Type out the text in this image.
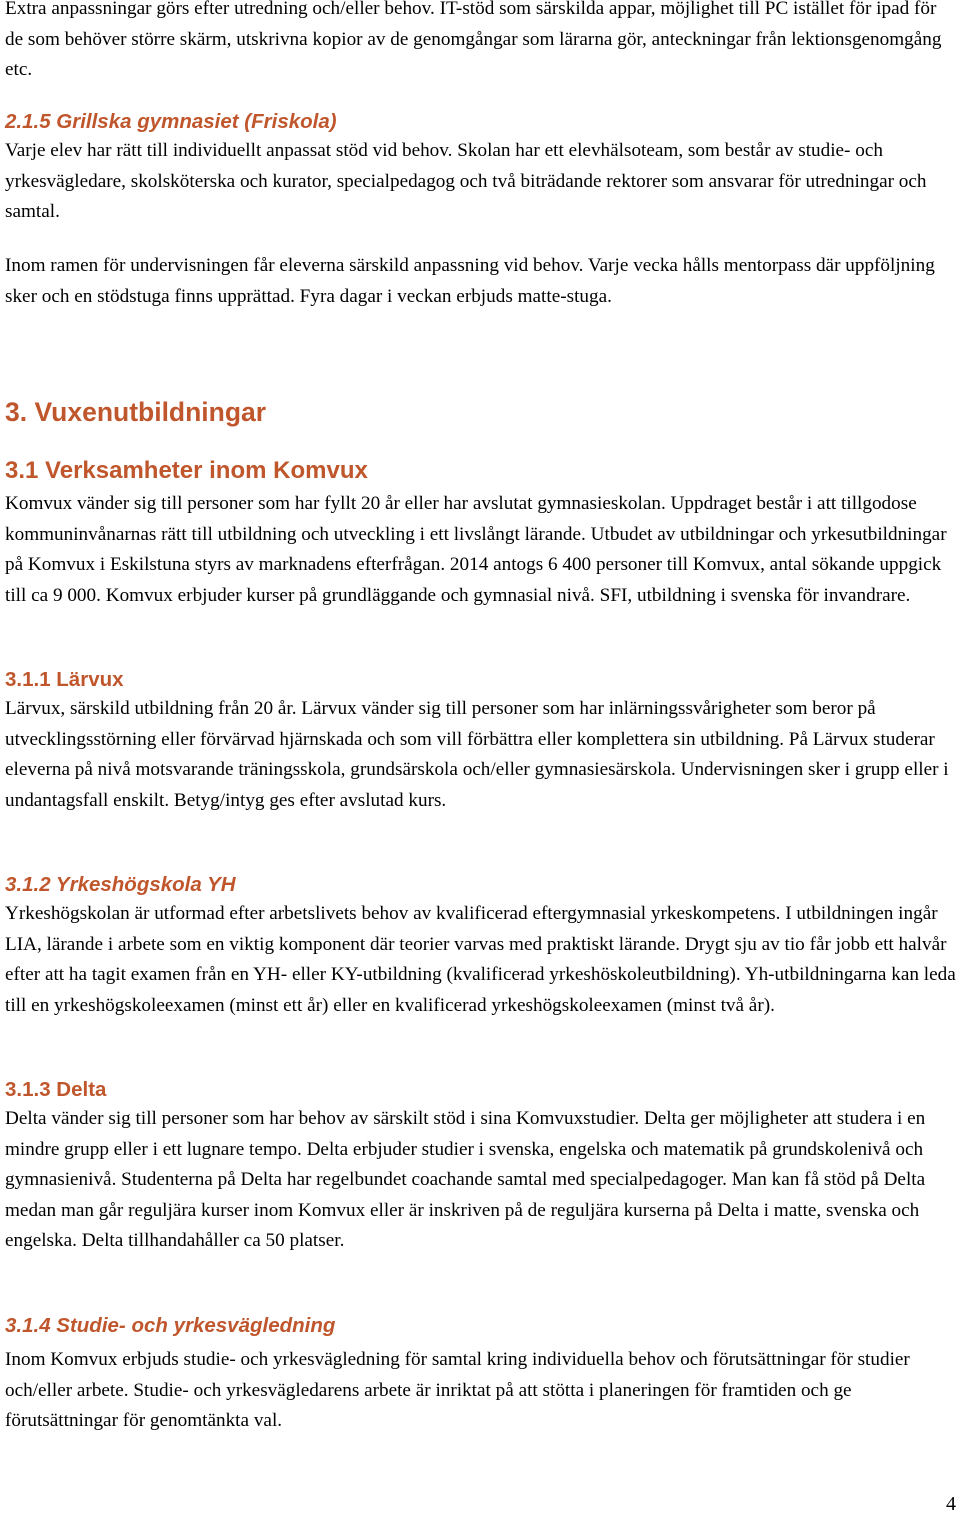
Extra anpassningar görs efter utredning och/eller behov. IT-stöd som särskilda appar, möjlighet till PC istället för ipad för de som behöver större skärm, utskrivna kopior av de genomgångar som lärarna gör, anteckningar från lektionsgenomgång etc.

2.1.5 Grillska gymnasiet (Friskola)

Varje elev har rätt till individuellt anpassat stöd vid behov. Skolan har ett elevhälsoteam, som består av studie- och yrkesvägledare, skolsköterska och kurator, specialpedagog och två biträdande rektorer som ansvarar för utredningar och samtal.

Inom ramen för undervisningen får eleverna särskild anpassning vid behov. Varje vecka hålls mentorpass där uppföljning sker och en stödstuga finns upprättad. Fyra dagar i veckan erbjuds matte-stuga.

3. Vuxenutbildningar
3.1 Verksamheter inom Komvux

Komvux vänder sig till personer som har fyllt 20 år eller har avslutat gymnasieskolan. Uppdraget består i att tillgodose kommuninvånarnas rätt till utbildning och utveckling i ett livslångt lärande. Utbudet av utbildningar och yrkesutbildningar på Komvux i Eskilstuna styrs av marknadens efterfrågan. 2014 antogs 6 400 personer till Komvux, antal sökande uppgick till ca 9 000. Komvux erbjuder kurser på grundläggande och gymnasial nivå. SFI, utbildning i svenska för invandrare.

3.1.1 Lärvux

Lärvux, särskild utbildning från 20 år. Lärvux vänder sig till personer som har inlärningssvårigheter som beror på utvecklingsstörning eller förvärvad hjärnskada och som vill förbättra eller komplettera sin utbildning. På Lärvux studerar eleverna på nivå motsvarande träningsskola, grundsärskola och/eller gymnasiesärskola. Undervisningen sker i grupp eller i undantagsfall enskilt. Betyg/intyg ges efter avslutad kurs.

3.1.2 Yrkeshögskola YH

Yrkeshögskolan är utformad efter arbetslivets behov av kvalificerad eftergymnasial yrkeskompetens. I utbildningen ingår LIA, lärande i arbete som en viktig komponent där teorier varvas med praktiskt lärande. Drygt sju av tio får jobb ett halvår efter att ha tagit examen från en YH- eller KY-utbildning (kvalificerad yrkeshöskoleutbildning). Yh-utbildningarna kan leda till en yrkeshögskoleexamen (minst ett år) eller en kvalificerad yrkeshögskoleexamen (minst två år).

3.1.3 Delta

Delta vänder sig till personer som har behov av särskilt stöd i sina Komvuxstudier. Delta ger möjligheter att studera i en mindre grupp eller i ett lugnare tempo. Delta erbjuder studier i svenska, engelska och matematik på grundskolenivå och gymnasienivå. Studenterna på Delta har regelbundet coachande samtal med specialpedagoger. Man kan få stöd på Delta medan man går reguljära kurser inom Komvux eller är inskriven på de reguljära kurserna på Delta i matte, svenska och engelska. Delta tillhandahåller ca 50 platser.

3.1.4 Studie- och yrkesvägledning

Inom Komvux erbjuds studie- och yrkesvägledning för samtal kring individuella behov och förutsättningar för studier och/eller arbete. Studie- och yrkesvägledarens arbete är inriktat på att stötta i planeringen för framtiden och ge förutsättningar för genomtänkta val.

4
